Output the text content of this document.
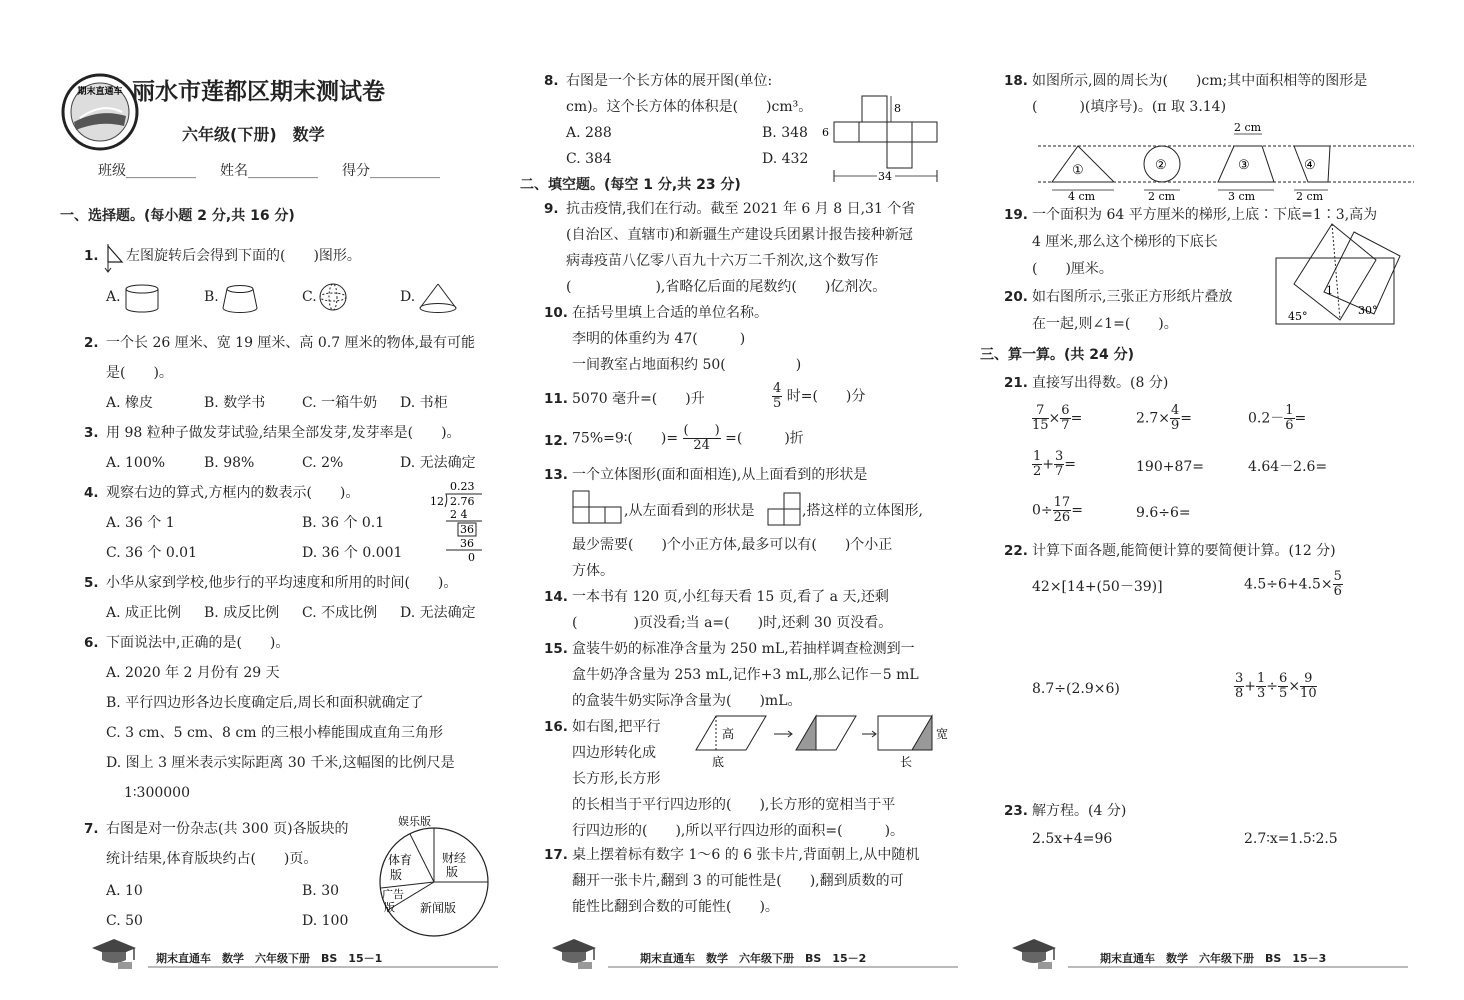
期末直通车 丽水市莲都区期末测试卷
六年级(下册)　数学
班级__________ 姓名__________ 得分__________
一、选择题。(每小题 2 分,共 16 分)
1. 左图旋转后会得到下面的(　　)图形。
A.	B.	C.	D.
2. 一个长 26 厘米、宽 19 厘米、高 0.7 厘米的物体,最有可能
是(　　)。
A. 橡皮	B. 数学书	C. 一箱牛奶 D. 书柜
3. 用 98 粒种子做发芽试验,结果全部发芽,发芽率是(　　)。
A. 100%	B. 98%	C. 2%	D. 无法确定
4. 观察右边的算式,方框内的数表示(　　)。
A. 36 个 1	B. 36 个 0.1
C. 36 个 0.01	D. 36 个 0.001
0.23
12 2.76
2 4
36
36
0
5. 小华从家到学校,他步行的平均速度和所用的时间(　　)。
A. 成正比例 B. 成反比例 C. 不成比例 D. 无法确定
6. 下面说法中,正确的是(　　)。
A. 2020 年 2 月份有 29 天
B. 平行四边形各边长度确定后,周长和面积就确定了
C. 3 cm、5 cm、8 cm 的三根小棒能围成直角三角形
D. 图上 3 厘米表示实际距离 30 千米,这幅图的比例尺是
1∶300000
7. 右图是对一份杂志(共 300 页)各版块的
统计结果,体育版块约占(　　)页。
A. 10	B. 30
C. 50	D. 100
娱乐版
财经
版
体育
版
广告
版 新闻版
期末直通车　数学　六年级下册　BS　15－1
8. 右图是一个长方体的展开图(单位:
cm)。这个长方体的体积是(　　)cm³。
A. 288	B. 348
C. 384	D. 432
8
6
34
二、填空题。(每空 1 分,共 23 分)
9. 抗击疫情,我们在行动。截至 2021 年 6 月 8 日,31 个省
(自治区、直辖市)和新疆生产建设兵团累计报告接种新冠
病毒疫苗八亿零八百九十六万二千剂次,这个数写作
(　　　　　　),省略亿后面的尾数约(　　)亿剂次。
10. 在括号里填上合适的单位名称。
李明的体重约为 47(　　　)
一间教室占地面积约 50(　　　　　)
11. 5070 毫升=(　　)升	$\frac{4}{5}$ 时=(　　)分
12. 75%=9∶(　　)= $\frac{( )}{24}$ =(　　　)折
13. 一个立体图形(面和面相连),从上面看到的形状是
,从左面看到的形状是	,搭这样的立体图形,
最少需要(　　)个小正方体,最多可以有(　　)个小正
方体。
14. 一本书有 120 页,小红每天看 15 页,看了 a 天,还剩
(　　　　)页没看;当 a=(　　)时,还剩 30 页没看。
15. 盒装牛奶的标准净含量为 250 mL,若抽样调查检测到一
盒牛奶净含量为 253 mL,记作+3 mL,那么记作－5 mL
的盒装牛奶实际净含量为(　　)mL。
16. 如右图,把平行
四边形转化成
长方形,长方形
的长相当于平行四边形的(　　),长方形的宽相当于平
行四边形的(　　),所以平行四边形的面积=(　　　)。
高
底
宽
长
17. 桌上摆着标有数字 1～6 的 6 张卡片,背面朝上,从中随机
翻开一张卡片,翻到 3 的可能性是(　　),翻到质数的可
能性比翻到合数的可能性(　　)。
期末直通车　数学　六年级下册　BS　15－2
18. 如图所示,圆的周长为(　　)cm;其中面积相等的图形是
(　　　)(填序号)。(π 取 3.14)
①
4 cm
②
2 cm
③
2 cm
3 cm
④
2 cm
19. 一个面积为 64 平方厘米的梯形,上底∶下底=1∶3,高为
4 厘米,那么这个梯形的下底长
(　　)厘米。
20. 如右图所示,三张正方形纸片叠放
在一起,则∠1=(　　)。
1
45°	30°
三、算一算。(共 24 分)
21. 直接写出得数。(8 分)
$\frac{7}{15} \times \frac{6}{7}$ =	$2.7\times \frac{4}{9}$ =	$0.2- \frac{1}{6}$ =
$\frac{1}{2} + \frac{3}{7}$ =	190+87=	4.64－2.6=
$0\div \frac{17}{26}$ =	9.6÷6=
22. 计算下面各题,能简便计算的要简便计算。(12 分)
42×[14+(50－39)]	$4.5\div 6+4.5\times \frac{5}{6}$
8.7÷(2.9×6)	$\frac{3}{8} + \frac{1}{3} \div \frac{6}{5} \times \frac{9}{10}$
23. 解方程。(4 分)
2.5x+4=96	2.7∶x=1.5∶2.5
期末直通车　数学　六年级下册　BS　15－3
